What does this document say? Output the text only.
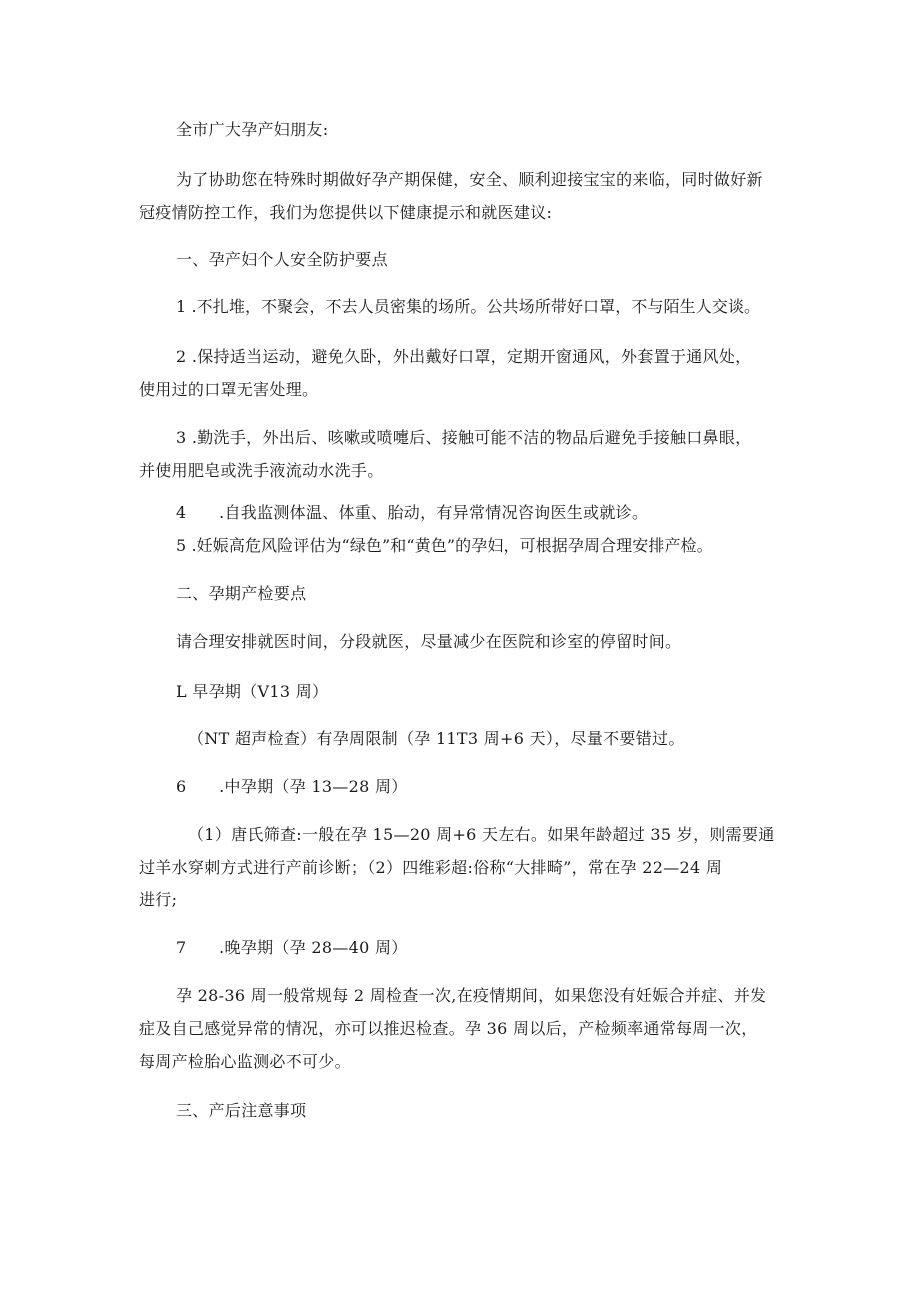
全市广大孕产妇朋友:
为了协助您在特殊时期做好孕产期保健，安全、顺利迎接宝宝的来临，同时做好新
冠疫情防控工作，我们为您提供以下健康提示和就医建议:
一、孕产妇个人安全防护要点
1 .不扎堆，不聚会，不去人员密集的场所。公共场所带好口罩，不与陌生人交谈。
2 .保持适当运动，避免久卧，外出戴好口罩，定期开窗通风，外套置于通风处，
使用过的口罩无害处理。
3 .勤洗手，外出后、咳嗽或喷嚏后、接触可能不洁的物品后避免手接触口鼻眼，
并使用肥皂或洗手液流动水洗手。
4　　.自我监测体温、体重、胎动，有异常情况咨询医生或就诊。
5 .妊娠高危风险评估为“绿色”和“黄色”的孕妇，可根据孕周合理安排产检。
二、孕期产检要点
请合理安排就医时间，分段就医，尽量减少在医院和诊室的停留时间。
L 早孕期（V13 周）
（NT 超声检查）有孕周限制（孕 11T3 周+6 天），尽量不要错过。
6　　.中孕期（孕 13—28 周）
（1）唐氏筛查:一般在孕 15—20 周+6 天左右。如果年龄超过 35 岁，则需要通
过羊水穿刺方式进行产前诊断；（2）四维彩超:俗称“大排畸”，常在孕 22—24 周
进行;
7　　.晚孕期（孕 28—40 周）
孕 28-36 周一般常规每 2 周检查一次,在疫情期间，如果您没有妊娠合并症、并发
症及自己感觉异常的情况，亦可以推迟检查。孕 36 周以后，产检频率通常每周一次，
每周产检胎心监测必不可少。
三、产后注意事项
